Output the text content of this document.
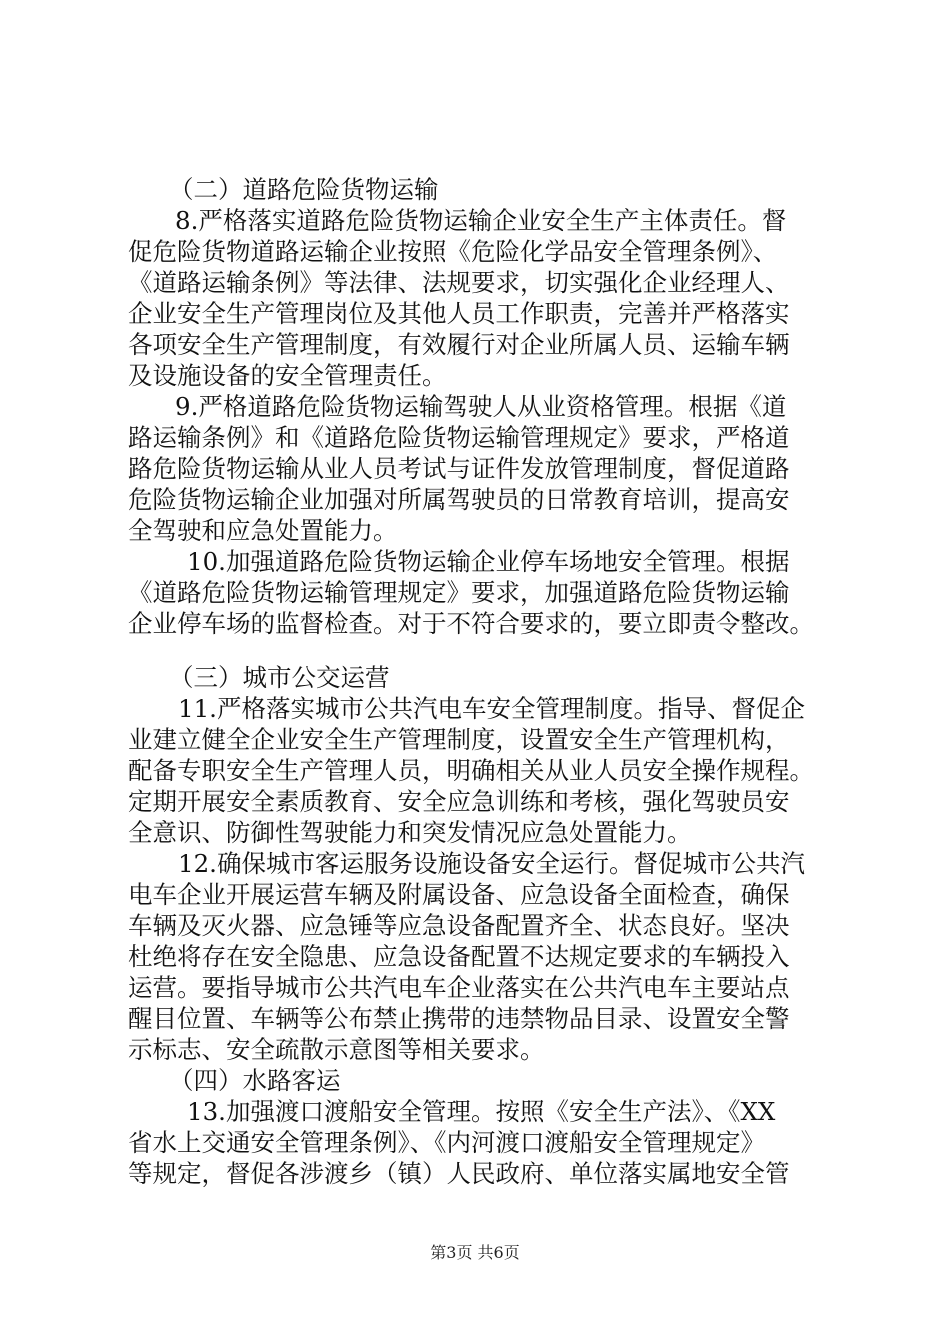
（二）道路危险货物运输
8.严格落实道路危险货物运输企业安全生产主体责任。督
促危险货物道路运输企业按照《危险化学品安全管理条例》、
《道路运输条例》等法律、法规要求，切实强化企业经理人、
企业安全生产管理岗位及其他人员工作职责，完善并严格落实
各项安全生产管理制度，有效履行对企业所属人员、运输车辆
及设施设备的安全管理责任。
9.严格道路危险货物运输驾驶人从业资格管理。根据《道
路运输条例》和《道路危险货物运输管理规定》要求，严格道
路危险货物运输从业人员考试与证件发放管理制度，督促道路
危险货物运输企业加强对所属驾驶员的日常教育培训，提高安
全驾驶和应急处置能力。
10.加强道路危险货物运输企业停车场地安全管理。根据
《道路危险货物运输管理规定》要求，加强道路危险货物运输
企业停车场的监督检查。对于不符合要求的，要立即责令整改。
（三）城市公交运营
11.严格落实城市公共汽电车安全管理制度。指导、督促企
业建立健全企业安全生产管理制度，设置安全生产管理机构，
配备专职安全生产管理人员，明确相关从业人员安全操作规程。
定期开展安全素质教育、安全应急训练和考核，强化驾驶员安
全意识、防御性驾驶能力和突发情况应急处置能力。
12.确保城市客运服务设施设备安全运行。督促城市公共汽
电车企业开展运营车辆及附属设备、应急设备全面检查，确保
车辆及灭火器、应急锤等应急设备配置齐全、状态良好。坚决
杜绝将存在安全隐患、应急设备配置不达规定要求的车辆投入
运营。要指导城市公共汽电车企业落实在公共汽电车主要站点
醒目位置、车辆等公布禁止携带的违禁物品目录、设置安全警
示标志、安全疏散示意图等相关要求。
（四）水路客运
13.加强渡口渡船安全管理。按照《安全生产法》、《XX
省水上交通安全管理条例》、《内河渡口渡船安全管理规定》
等规定，督促各涉渡乡（镇）人民政府、单位落实属地安全管
第3页 共6页
